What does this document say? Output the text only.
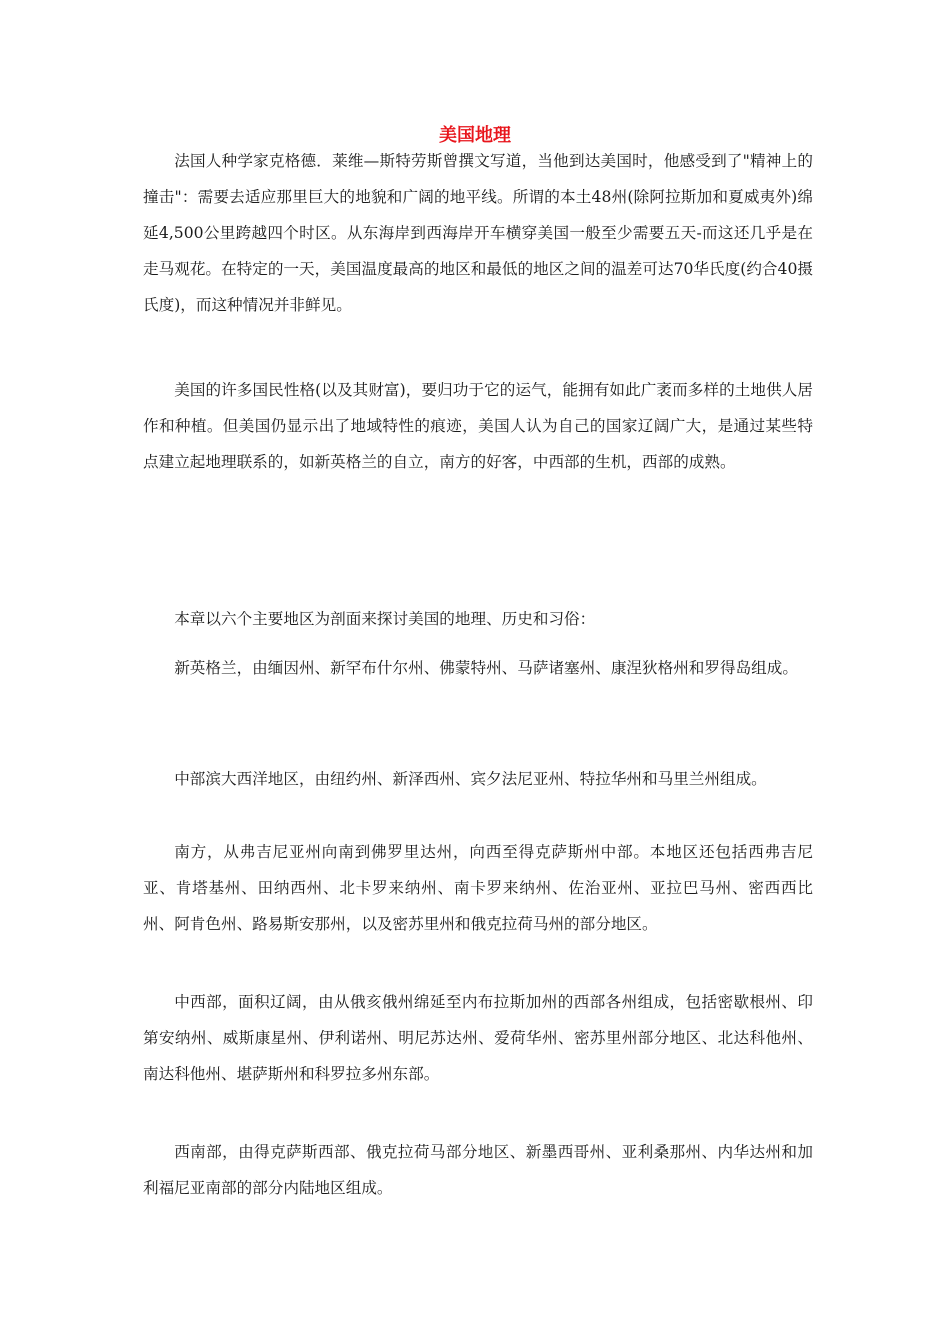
美国地理

法国人种学家克格德．莱维—斯特劳斯曾撰文写道，当他到达美国时，他感受到了"精神上的撞击"：需要去适应那里巨大的地貌和广阔的地平线。所谓的本土48州(除阿拉斯加和夏威夷外)绵延4,500公里跨越四个时区。从东海岸到西海岸开车横穿美国一般至少需要五天-而这还几乎是在走马观花。在特定的一天，美国温度最高的地区和最低的地区之间的温差可达70华氏度(约合40摄氏度)，而这种情况并非鲜见。

美国的许多国民性格(以及其财富)，要归功于它的运气，能拥有如此广袤而多样的土地供人居作和种植。但美国仍显示出了地域特性的痕迹，美国人认为自己的国家辽阔广大，是通过某些特点建立起地理联系的，如新英格兰的自立，南方的好客，中西部的生机，西部的成熟。

本章以六个主要地区为剖面来探讨美国的地理、历史和习俗：

新英格兰，由缅因州、新罕布什尔州、佛蒙特州、马萨诸塞州、康涅狄格州和罗得岛组成。

中部滨大西洋地区，由纽约州、新泽西州、宾夕法尼亚州、特拉华州和马里兰州组成。

南方，从弗吉尼亚州向南到佛罗里达州，向西至得克萨斯州中部。本地区还包括西弗吉尼亚、肯塔基州、田纳西州、北卡罗来纳州、南卡罗来纳州、佐治亚州、亚拉巴马州、密西西比州、阿肯色州、路易斯安那州，以及密苏里州和俄克拉荷马州的部分地区。

中西部，面积辽阔，由从俄亥俄州绵延至内布拉斯加州的西部各州组成，包括密歇根州、印第安纳州、威斯康星州、伊利诺州、明尼苏达州、爱荷华州、密苏里州部分地区、北达科他州、南达科他州、堪萨斯州和科罗拉多州东部。

西南部，由得克萨斯西部、俄克拉荷马部分地区、新墨西哥州、亚利桑那州、内华达州和加利福尼亚南部的部分内陆地区组成。
